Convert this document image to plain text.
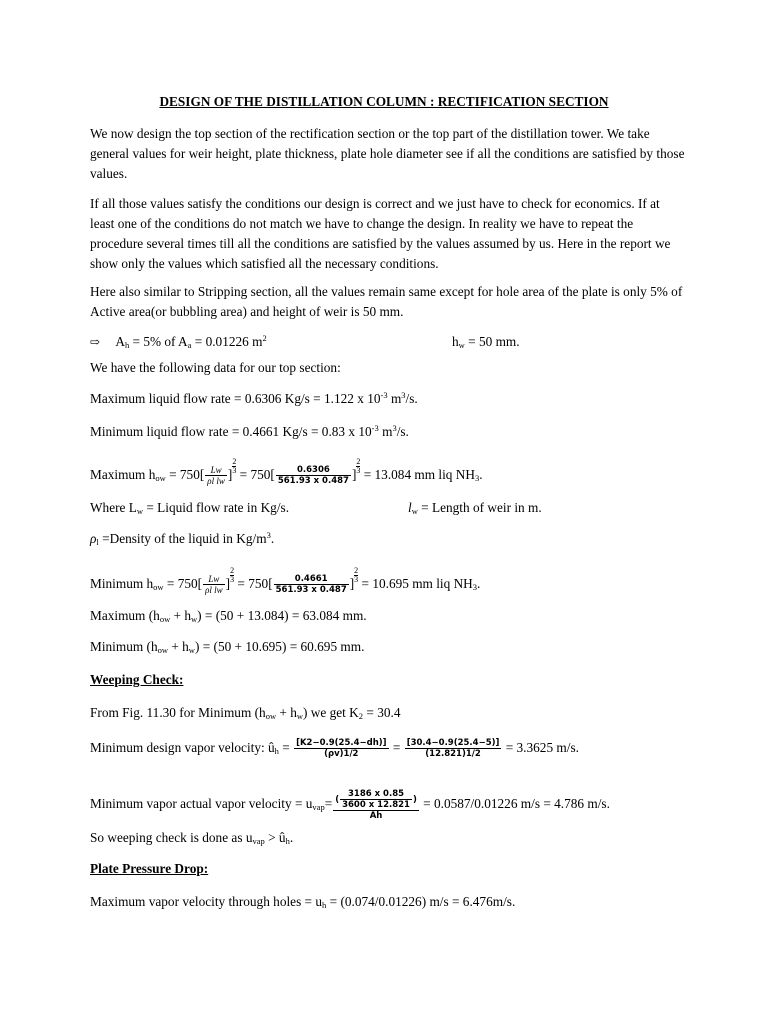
DESIGN OF THE DISTILLATION COLUMN : RECTIFICATION SECTION

We now design the top section of the rectification section or the top part of the distillation tower. We take general values for weir height, plate thickness, plate hole diameter see if all the conditions are satisfied by those values.

If all those values satisfy the conditions our design is correct and we just have to check for economics. If at least one of the conditions do not match we have to change the design. In reality we have to repeat the procedure several times till all the conditions are satisfied by the values assumed by us. Here in the report we show only the values which satisfied all the necessary conditions.

Here also similar to Stripping section, all the values remain same except for hole area of the plate is only 5% of Active area(or bubbling area) and height of weir is 50 mm.

⇨ $A_h = 5\%$ of $A_a = 0.01226$ $m^2$	$h_w = 50$ mm.
We have the following data for our top section:
Maximum liquid flow rate = 0.6306 Kg/s = 1.122 x $10^{-3}$ $m^3/s$.
Minimum liquid flow rate = 0.4661 Kg/s = 0.83 x $10^{-3}$ $m^3/s$.
Maximum $h_{ow} = 750[ \frac{Lw}{\text{ρl lw}}$ ] $\frac{2}{3} = 750[ \frac{0.6306}{561.93 x 0.487}$ ] $\frac{2}{3} = 13.084$ mm liq $NH_3$.
Where $L_w$ = Liquid flow rate in Kg/s.	$l_w$ = Length of weir in m.
$\rho_l$ =Density of the liquid in $Kg/m^3$.
Minimum $h_{ow} = 750[ \frac{Lw}{\text{ρl lw}}$ ] $\frac{2}{3} = 750[ \frac{0.4661}{561.93 x 0.487}$ ] $\frac{2}{3} = 10.695$ mm liq $NH_3$.
Maximum $(h_{ow} + h_w) = (50 + 13.084) = 63.084$ mm.
Minimum $(h_{ow} + h_w) = (50 + 10.695) = 60.695$ mm.
Weeping Check:
From Fig. 11.30 for Minimum $(h_{ow} + h_w)$ we get $K_2 = 30.4$
Minimum design vapor velocity: $û_h = \frac{[K2-0.9(25.4-dh)]}{(\rho v)1/2} = \frac{[30.4-0.9(25.4-5)]}{(12.821)1/2} = 3.3625$ m/s.
Minimum vapor actual vapor velocity = $u_{vap}= \frac{( \frac{3186 x 0.85}{3600 x 12.821} )}{Ah} = 0.0587/0.01226$ m/s = 4.786 m/s.
So weeping check is done as $u_{vap}$ > $û_h$.
Plate Pressure Drop:
Maximum vapor velocity through holes = $u_h = (0.074/0.01226) m/s = 6.476m/s$.
